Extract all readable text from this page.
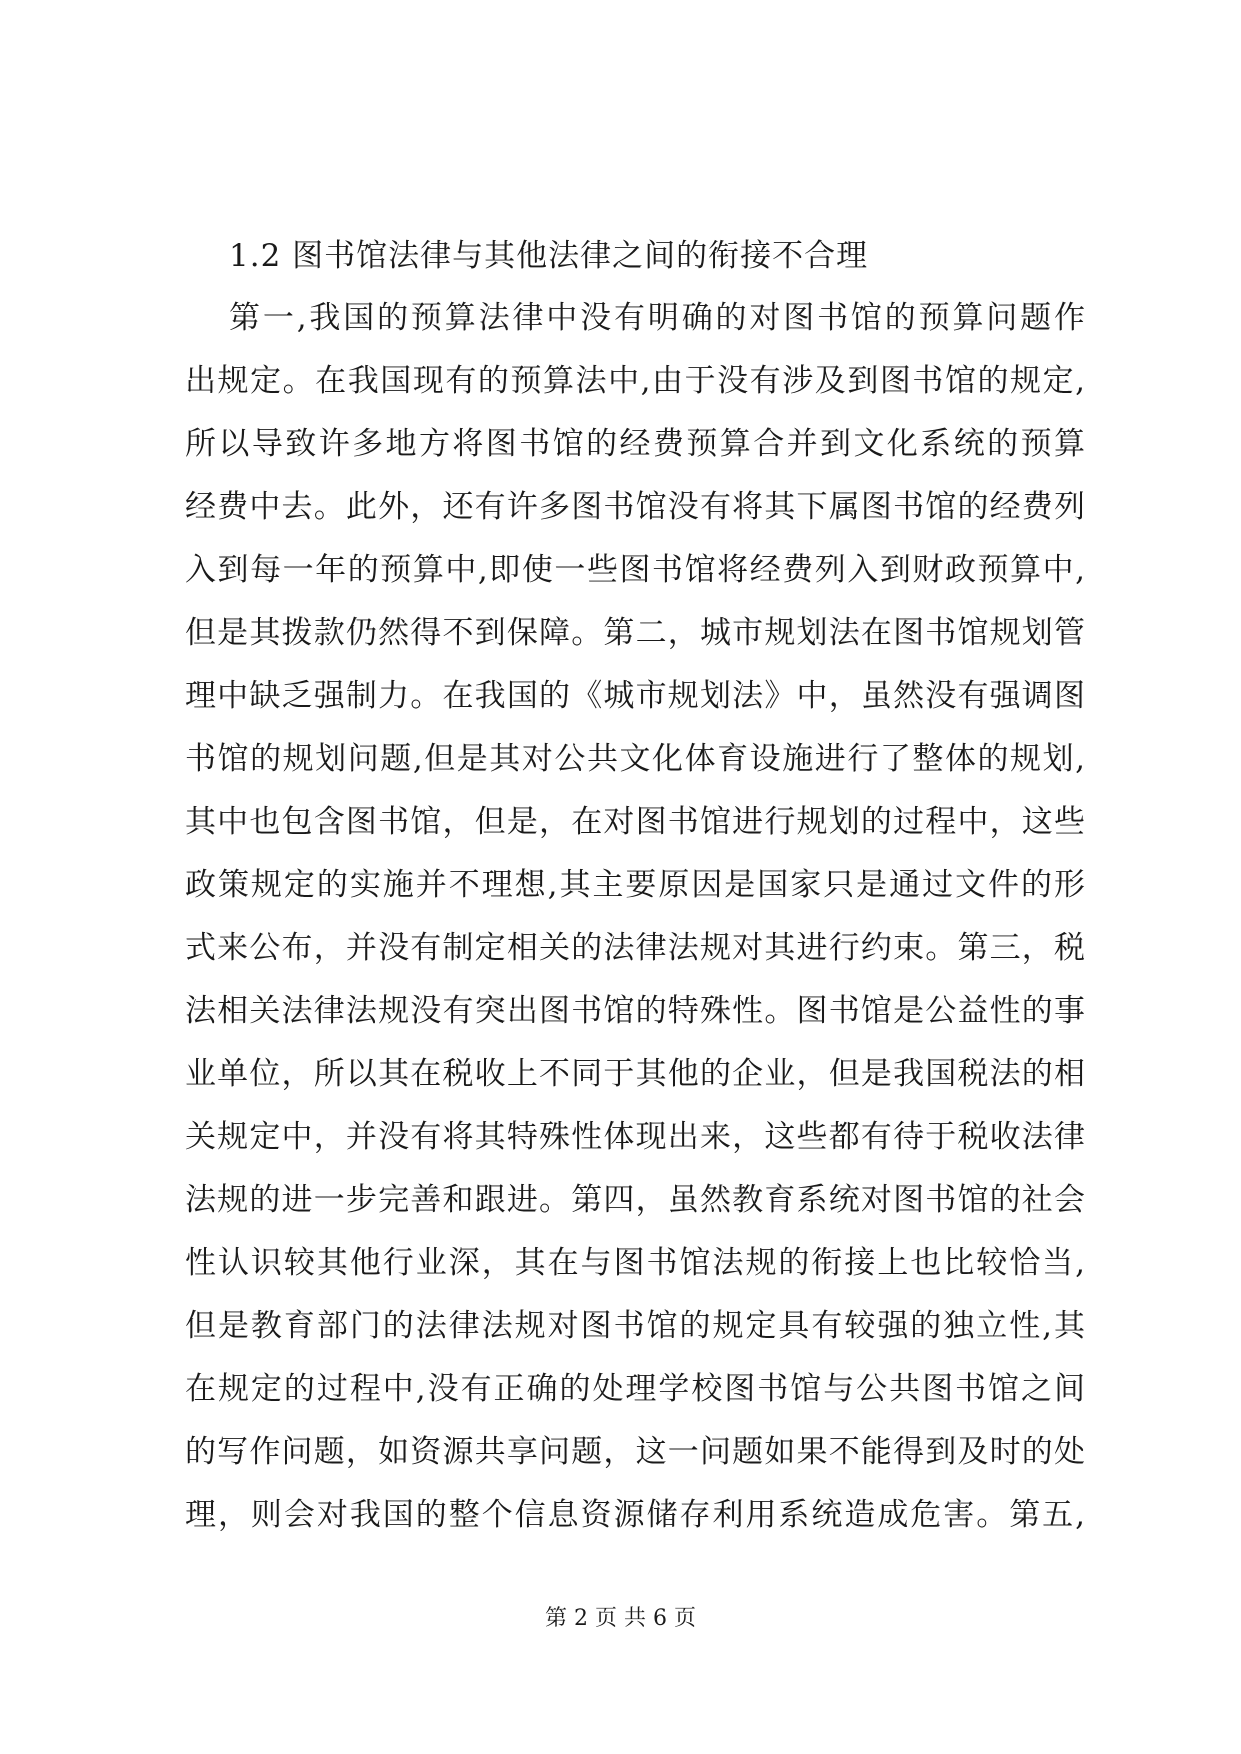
1.2 图书馆法律与其他法律之间的衔接不合理
第一,我国的预算法律中没有明确的对图书馆的预算问题作
出规定。在我国现有的预算法中,由于没有涉及到图书馆的规定,
所以导致许多地方将图书馆的经费预算合并到文化系统的预算
经费中去。此外，还有许多图书馆没有将其下属图书馆的经费列
入到每一年的预算中,即使一些图书馆将经费列入到财政预算中,
但是其拨款仍然得不到保障。第二，城市规划法在图书馆规划管
理中缺乏强制力。在我国的《城市规划法》中，虽然没有强调图
书馆的规划问题,但是其对公共文化体育设施进行了整体的规划,
其中也包含图书馆，但是，在对图书馆进行规划的过程中，这些
政策规定的实施并不理想,其主要原因是国家只是通过文件的形
式来公布，并没有制定相关的法律法规对其进行约束。第三，税
法相关法律法规没有突出图书馆的特殊性。图书馆是公益性的事
业单位，所以其在税收上不同于其他的企业，但是我国税法的相
关规定中，并没有将其特殊性体现出来，这些都有待于税收法律
法规的进一步完善和跟进。第四，虽然教育系统对图书馆的社会
性认识较其他行业深，其在与图书馆法规的衔接上也比较恰当,
但是教育部门的法律法规对图书馆的规定具有较强的独立性,其
在规定的过程中,没有正确的处理学校图书馆与公共图书馆之间
的写作问题，如资源共享问题，这一问题如果不能得到及时的处
理，则会对我国的整个信息资源储存利用系统造成危害。第五,
第 2 页 共 6 页
